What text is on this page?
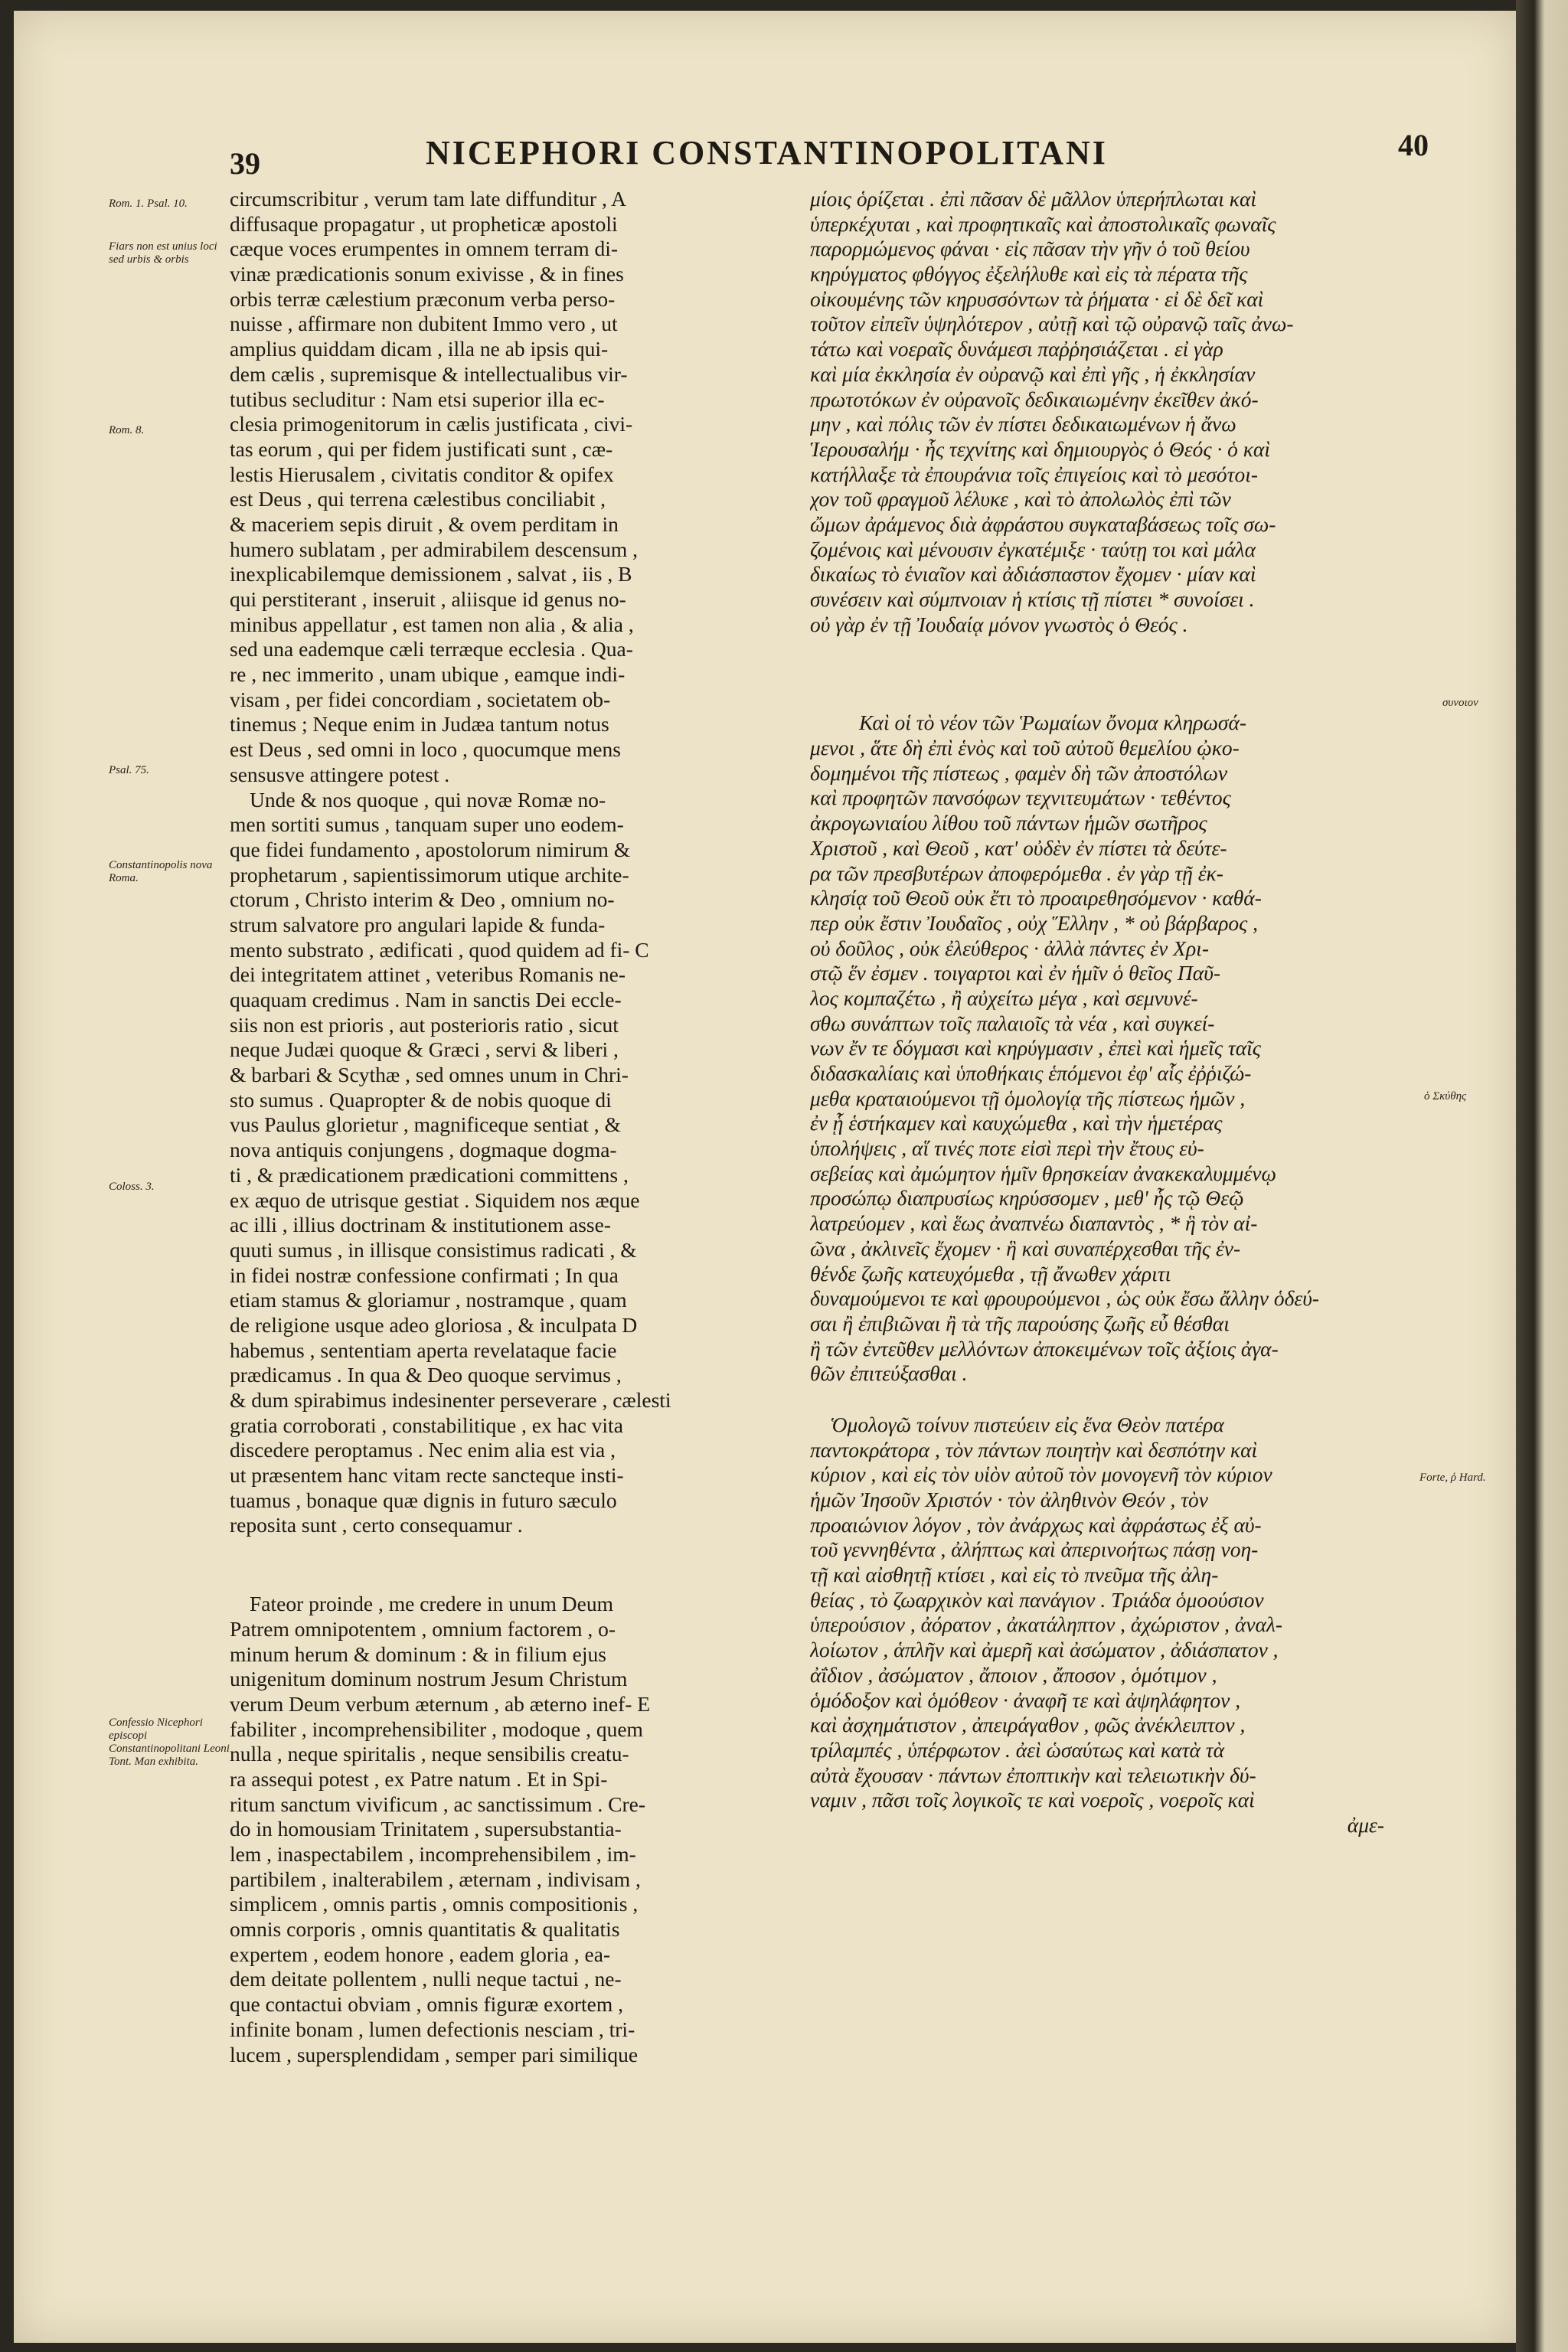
39	NICEPHORI CONSTANTINOPOLITANI	40
Rom. 1. Psal. 10.
Fiars non est unius loci sed urbis & orbis
Rom. 8.
Psal. 75.
Constantinopolis nova Roma.
Coloss. 3.
Confessio Nicephori episcopi Constantinopolitani Leoni Tont. Man exhibita.
συνοιον
ὁ Σκύθης
Forte, ῥ Hard.
circumscribitur , verum tam late diffunditur , A
diffusaque propagatur , ut propheticæ apostoli
cæque voces erumpentes in omnem terram di-
vinæ prædicationis sonum exivisse , & in fines
orbis terræ cælestium præconum verba perso-
nuisse , affirmare non dubitent Immo vero , ut
amplius quiddam dicam , illa ne ab ipsis qui-
dem cælis , supremisque & intellectualibus vir-
tutibus secluditur : Nam etsi superior illa ec-
clesia primogenitorum in cælis justificata , civi-
tas eorum , qui per fidem justificati sunt , cæ-
lestis Hierusalem , civitatis conditor & opifex
est Deus , qui terrena cælestibus conciliabit ,
& maceriem sepis diruit , & ovem perditam in
humero sublatam , per admirabilem descensum ,
inexplicabilemque demissionem , salvat , iis , B
qui perstiterant , inseruit , aliisque id genus no-
minibus appellatur , est tamen non alia , & alia ,
sed una eademque cæli terræque ecclesia . Qua-
re , nec immerito , unam ubique , eamque indi-
visam , per fidei concordiam , societatem ob-
tinemus ; Neque enim in Judæa tantum notus
est Deus , sed omni in loco , quocumque mens
sensusve attingere potest .
Unde & nos quoque , qui novæ Romæ no-
men sortiti sumus , tanquam super uno eodem-
que fidei fundamento , apostolorum nimirum &
prophetarum , sapientissimorum utique archite-
ctorum , Christo interim & Deo , omnium no-
strum salvatore pro angulari lapide & funda-
mento substrato , ædificati , quod quidem ad fi- C
dei integritatem attinet , veteribus Romanis ne-
quaquam credimus . Nam in sanctis Dei eccle-
siis non est prioris , aut posterioris ratio , sicut
neque Judæi quoque & Græci , servi & liberi ,
& barbari & Scythæ , sed omnes unum in Chri-
sto sumus . Quapropter & de nobis quoque di
vus Paulus glorietur , magnificeque sentiat , &
nova antiquis conjungens , dogmaque dogma-
ti , & prædicationem prædicationi committens ,
ex æquo de utrisque gestiat . Siquidem nos æque
ac illi , illius doctrinam & institutionem asse-
quuti sumus , in illisque consistimus radicati , &
in fidei nostræ confessione confirmati ; In qua
etiam stamus & gloriamur , nostramque , quam
de religione usque adeo gloriosa , & inculpata D
habemus , sententiam aperta revelataque facie
prædicamus . In qua & Deo quoque servimus ,
& dum spirabimus indesinenter perseverare , cælesti
gratia corroborati , constabilitique , ex hac vita
discedere peroptamus . Nec enim alia est via ,
ut præsentem hanc vitam recte sancteque insti-
tuamus , bonaque quæ dignis in futuro sæculo
reposita sunt , certo consequamur .
Fateor proinde , me credere in unum Deum
Patrem omnipotentem , omnium factorem , o-
minum herum & dominum : & in filium ejus
unigenitum dominum nostrum Jesum Christum
verum Deum verbum æternum , ab æterno inef- E
fabiliter , incomprehensibiliter , modoque , quem
nulla , neque spiritalis , neque sensibilis creatu-
ra assequi potest , ex Patre natum . Et in Spi-
ritum sanctum vivificum , ac sanctissimum . Cre-
do in homousiam Trinitatem , supersubstantia-
lem , inaspectabilem , incomprehensibilem , im-
partibilem , inalterabilem , æternam , indivisam ,
simplicem , omnis partis , omnis compositionis ,
omnis corporis , omnis quantitatis & qualitatis
expertem , eodem honore , eadem gloria , ea-
dem deitate pollentem , nulli neque tactui , ne-
que contactui obviam , omnis figuræ exortem ,
infinite bonam , lumen defectionis nesciam , tri-
lucem , supersplendidam , semper pari similique
μίοις ὁρίζεται . ἐπὶ πᾶσαν δὲ μᾶλλον ὑπερήπλωται καὶ
ὑπερκέχυται , καὶ προφητικαῖς καὶ ἀποστολικαῖς φωναῖς
παρορμώμενος φάναι · εἰς πᾶσαν τὴν γῆν ὁ τοῦ θείου
κηρύγματος φθόγγος ἐξελήλυθε καὶ εἰς τὰ πέρατα τῆς
οἰκουμένης τῶν κηρυσσόντων τὰ ῥήματα · εἰ δὲ δεῖ καὶ
τοῦτον εἰπεῖν ὑψηλότερον , αὐτῇ καὶ τῷ οὐρανῷ ταῖς ἀνω-
τάτω καὶ νοεραῖς δυνάμεσι παῤῥησιάζεται . εἰ γὰρ
καὶ μία ἐκκλησία ἐν οὐρανῷ καὶ ἐπὶ γῆς , ἡ ἐκκλησίαν
πρωτοτόκων ἐν οὐρανοῖς δεδικαιωμένην ἐκεῖθεν ἀκό-
μην , καὶ πόλις τῶν ἐν πίστει δεδικαιωμένων ἡ ἄνω
Ἱερουσαλήμ · ἧς τεχνίτης καὶ δημιουργὸς ὁ Θεός · ὁ καὶ
κατήλλαξε τὰ ἐπουράνια τοῖς ἐπιγείοις καὶ τὸ μεσότοι-
χον τοῦ φραγμοῦ λέλυκε , καὶ τὸ ἀπολωλὸς ἐπὶ τῶν
ὤμων ἀράμενος διὰ ἀφράστου συγκαταβάσεως τοῖς σω-
ζομένοις καὶ μένουσιν ἐγκατέμιξε · ταύτῃ τοι καὶ μάλα
δικαίως τὸ ἑνιαῖον καὶ ἀδιάσπαστον ἔχομεν · μίαν καὶ
συνέσειν καὶ σύμπνοιαν ἡ κτίσις τῇ πίστει * συνοίσει .
οὐ γὰρ ἐν τῇ Ἰουδαίᾳ μόνον γνωστὸς ὁ Θεός .
Καὶ οἱ τὸ νέον τῶν Ῥωμαίων ὄνομα κληρωσά-
μενοι , ἅτε δὴ ἐπὶ ἑνὸς καὶ τοῦ αὐτοῦ θεμελίου ᾠκο-
δομημένοι τῆς πίστεως , φαμὲν δὴ τῶν ἀποστόλων
καὶ προφητῶν πανσόφων τεχνιτευμάτων · τεθέντος
ἀκρογωνιαίου λίθου τοῦ πάντων ἡμῶν σωτῆρος
Χριστοῦ , καὶ Θεοῦ , κατ' οὐδὲν ἐν πίστει τὰ δεύτε-
ρα τῶν πρεσβυτέρων ἀποφερόμεθα . ἐν γὰρ τῇ ἐκ-
κλησίᾳ τοῦ Θεοῦ οὐκ ἔτι τὸ προαιρεθησόμενον · καθά-
περ οὐκ ἔστιν Ἰουδαῖος , οὐχ Ἕλλην , * οὐ βάρβαρος ,
οὐ δοῦλος , οὐκ ἐλεύθερος · ἀλλὰ πάντες ἐν Χρι-
στῷ ἕν ἐσμεν . τοιγαρτοι καὶ ἐν ἡμῖν ὁ θεῖος Παῦ-
λος κομπαζέτω , ἢ αὐχείτω μέγα , καὶ σεμνυνέ-
σθω συνάπτων τοῖς παλαιοῖς τὰ νέα , καὶ συγκεί-
νων ἔν τε δόγμασι καὶ κηρύγμασιν , ἐπεὶ καὶ ἡμεῖς ταῖς
διδασκαλίαις καὶ ὑποθήκαις ἑπόμενοι ἐφ' αἷς ἐῤῥιζώ-
μεθα κραταιούμενοι τῇ ὁμολογίᾳ τῆς πίστεως ἡμῶν ,
ἐν ᾗ ἑστήκαμεν καὶ καυχώμεθα , καὶ τὴν ἡμετέρας
ὑπολήψεις , αἵ τινές ποτε εἰσὶ περὶ τὴν ἔτους εὐ-
σεβείας καὶ ἀμώμητον ἡμῖν θρησκείαν ἀνακεκαλυμμένῳ
προσώπῳ διαπρυσίως κηρύσσομεν , μεθ' ἧς τῷ Θεῷ
λατρεύομεν , καὶ ἕως ἀναπνέω διαπαντὸς , * ἣ τὸν αἰ-
ῶνα , ἀκλινεῖς ἔχομεν · ἣ καὶ συναπέρχεσθαι τῆς ἐν-
θένδε ζωῆς κατευχόμεθα , τῇ ἄνωθεν χάριτι
δυναμούμενοι τε καὶ φρουρούμενοι , ὡς οὐκ ἔσω ἄλλην ὁδεύ-
σαι ἢ ἐπιβιῶναι ἢ τὰ τῆς παρούσης ζωῆς εὖ θέσθαι
ἢ τῶν ἐντεῦθεν μελλόντων ἀποκειμένων τοῖς ἀξίοις ἀγα-
θῶν ἐπιτεύξασθαι .
Ὁμολογῶ τοίνυν πιστεύειν εἰς ἕνα Θεὸν πατέρα
παντοκράτορα , τὸν πάντων ποιητὴν καὶ δεσπότην καὶ
κύριον , καὶ εἰς τὸν υἱὸν αὐτοῦ τὸν μονογενῆ τὸν κύριον
ἡμῶν Ἰησοῦν Χριστόν · τὸν ἀληθινὸν Θεόν , τὸν
προαιώνιον λόγον , τὸν ἀνάρχως καὶ ἀφράστως ἐξ αὐ-
τοῦ γεννηθέντα , ἀλήπτως καὶ ἀπερινοήτως πάσῃ νοη-
τῇ καὶ αἰσθητῇ κτίσει , καὶ εἰς τὸ πνεῦμα τῆς ἀλη-
θείας , τὸ ζωαρχικὸν καὶ πανάγιον . Τριάδα ὁμοούσιον
ὑπερούσιον , ἀόρατον , ἀκατάληπτον , ἀχώριστον , ἀναλ-
λοίωτον , ἁπλῆν καὶ ἀμερῆ καὶ ἀσώματον , ἀδιάσπατον ,
ἀΐδιον , ἀσώματον , ἄποιον , ἄποσον , ὁμότιμον ,
ὁμόδοξον καὶ ὁμόθεον · ἀναφῆ τε καὶ ἀψηλάφητον ,
καὶ ἀσχημάτιστον , ἀπειράγαθον , φῶς ἀνέκλειπτον ,
τρίλαμπές , ὑπέρφωτον . ἀεὶ ὡσαύτως καὶ κατὰ τὰ
αὐτὰ ἔχουσαν · πάντων ἐποπτικὴν καὶ τελειωτικὴν δύ-
ναμιν , πᾶσι τοῖς λογικοῖς τε καὶ νοεροῖς , νοεροῖς καὶ
ἀμε-
